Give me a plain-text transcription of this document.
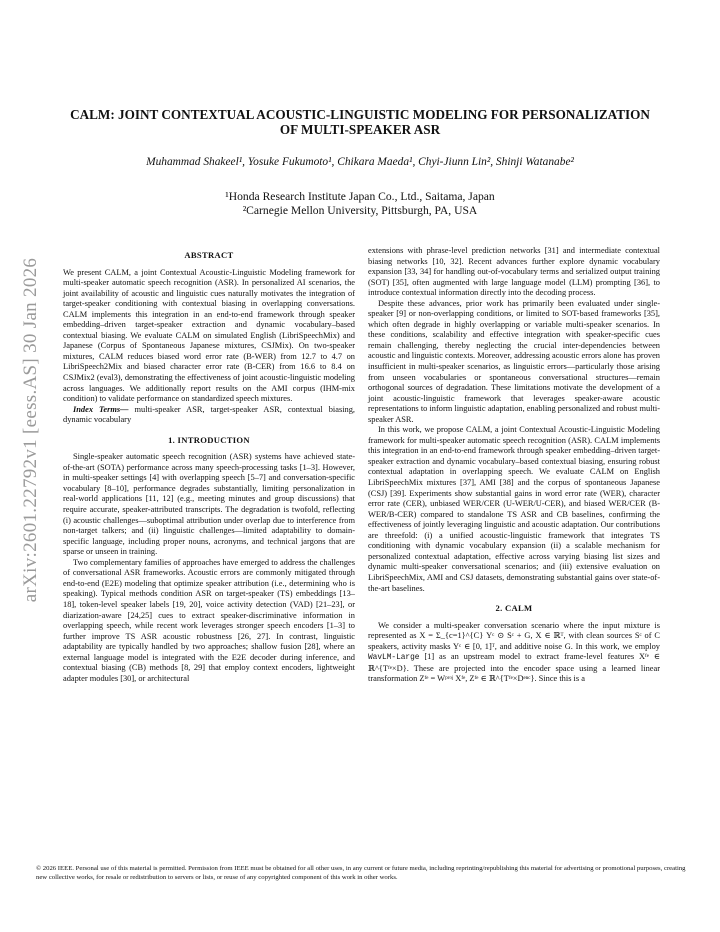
arXiv:2601.22792v1 [eess.AS] 30 Jan 2026
CALM: JOINT CONTEXTUAL ACOUSTIC-LINGUISTIC MODELING FOR PERSONALIZATION OF MULTI-SPEAKER ASR
Muhammad Shakeel¹, Yosuke Fukumoto¹, Chikara Maeda¹, Chyi-Jiunn Lin², Shinji Watanabe²
¹Honda Research Institute Japan Co., Ltd., Saitama, Japan
²Carnegie Mellon University, Pittsburgh, PA, USA
ABSTRACT

We present CALM, a joint Contextual Acoustic-Linguistic Modeling framework for multi-speaker automatic speech recognition (ASR). In personalized AI scenarios, the joint availability of acoustic and linguistic cues naturally motivates the integration of target-speaker conditioning with contextual biasing in overlapping conversations. CALM implements this integration in an end-to-end framework through speaker embedding–driven target-speaker extraction and dynamic vocabulary–based contextual biasing. We evaluate CALM on simulated English (LibriSpeechMix) and Japanese (Corpus of Spontaneous Japanese mixtures, CSJMix). On two-speaker mixtures, CALM reduces biased word error rate (B-WER) from 12.7 to 4.7 on LibriSpeech2Mix and biased character error rate (B-CER) from 16.6 to 8.4 on CSJMix2 (eval3), demonstrating the effectiveness of joint acoustic-linguistic modeling across languages. We additionally report results on the AMI corpus (IHM-mix condition) to validate performance on standardized speech mixtures.

Index Terms— multi-speaker ASR, target-speaker ASR, contextual biasing, dynamic vocabulary

1. INTRODUCTION

Single-speaker automatic speech recognition (ASR) systems have achieved state-of-the-art (SOTA) performance across many speech-processing tasks [1–3]. However, in multi-speaker settings [4] with overlapping speech [5–7] and conversation-specific vocabulary [8–10], performance degrades substantially, limiting personalization in real-world applications [11, 12] (e.g., meeting minutes and group discussions) that require accurate, speaker-attributed transcripts. The degradation is twofold, reflecting (i) acoustic challenges—suboptimal attribution under overlap due to interference from non-target talkers; and (ii) linguistic challenges—limited adaptability to domain-specific language, including proper nouns, acronyms, and technical jargons that are sparse or unseen in training.

Two complementary families of approaches have emerged to address the challenges of conversational ASR frameworks. Acoustic errors are commonly mitigated through end-to-end (E2E) modeling that optimize speaker attribution (i.e., determining who is speaking). Typical methods condition ASR on target-speaker (TS) embeddings [13–18], token-level speaker labels [19, 20], voice activity detection (VAD) [21–23], or diarization-aware [24,25] cues to extract speaker-discriminative information in overlapping speech, while recent work leverages stronger speech encoders [1–3] to further improve TS ASR acoustic robustness [26, 27]. In contrast, linguistic adaptability are typically handled by two approaches; shallow fusion [28], where an external language model is integrated with the E2E decoder during inference, and contextual biasing (CB) methods [8, 29] that employ context encoders, lightweight adapter modules [30], or architectural

extensions with phrase-level prediction networks [31] and intermediate contextual biasing networks [10, 32]. Recent advances further explore dynamic vocabulary expansion [33, 34] for handling out-of-vocabulary terms and serialized output training (SOT) [35], often augmented with large language model (LLM) prompting [36], to introduce contextual information directly into the decoding process.

Despite these advances, prior work has primarily been evaluated under single-speaker [9] or non-overlapping conditions, or limited to SOT-based frameworks [35], which often degrade in highly overlapping or variable multi-speaker scenarios. In these conditions, scalability and effective integration with speaker-specific cues remain challenging, thereby neglecting the crucial inter-dependencies between acoustic and linguistic contexts. Moreover, addressing acoustic errors alone has proven insufficient in multi-speaker scenarios, as linguistic errors—particularly those arising from unseen vocabularies or spontaneous conversational structures—remain orthogonal sources of degradation. These limitations motivate the development of a joint acoustic-linguistic framework that leverages speaker-aware acoustic representations to inform linguistic adaptation, enabling personalized and robust multi-speaker ASR.

In this work, we propose CALM, a joint Contextual Acoustic-Linguistic Modeling framework for multi-speaker automatic speech recognition (ASR). CALM implements this integration in an end-to-end framework through speaker embedding–driven target-speaker extraction and dynamic vocabulary–based contextual biasing, ensuring robust contextual adaptation in overlapping speech. We evaluate CALM on English LibriSpeechMix mixtures [37], AMI [38] and the corpus of spontaneous Japanese (CSJ) [39]. Experiments show substantial gains in word error rate (WER), character error rate (CER), unbiased WER/CER (U-WER/U-CER), and biased WER/CER (B-WER/B-CER) compared to standalone TS ASR and CB baselines, confirming the effectiveness of jointly leveraging linguistic and acoustic adaptation. Our contributions are threefold: (i) a unified acoustic-linguistic framework that integrates TS conditioning with dynamic vocabulary expansion (ii) a scalable mechanism for personalized contextual adaptation, effective across varying biasing list sizes and dynamic multi-speaker conversational scenarios; and (iii) extensive evaluation on LibriSpeechMix, AMI and CSJ datasets, demonstrating substantial gains over state-of-the-art baselines.

2. CALM

We consider a multi-speaker conversation scenario where the input mixture is represented as X = Σ_{c=1}^{C} Yᶜ ⊙ Sᶜ + G, X ∈ ℝᵀ, with clean sources Sᶜ of C speakers, activity masks Yᶜ ∈ [0, 1]ᵀ, and additive noise G. In this work, we employ WavLM-Large [1] as an upstream model to extract frame-level features Xᶠᵉ ∈ ℝ^{Tᶠᵉ×D}. These are projected into the encoder space using a learned linear transformation Zᶠᵉ = Wᵖʳᵒʲ Xᶠᵉ, Zᶠᵉ ∈ ℝ^{Tᶠᵉ×Dᵉⁿᶜ}. Since this is a

© 2026 IEEE. Personal use of this material is permitted. Permission from IEEE must be obtained for all other uses, in any current or future media, including reprinting/republishing this material for advertising or promotional purposes, creating new collective works, for resale or redistribution to servers or lists, or reuse of any copyrighted component of this work in other works.
